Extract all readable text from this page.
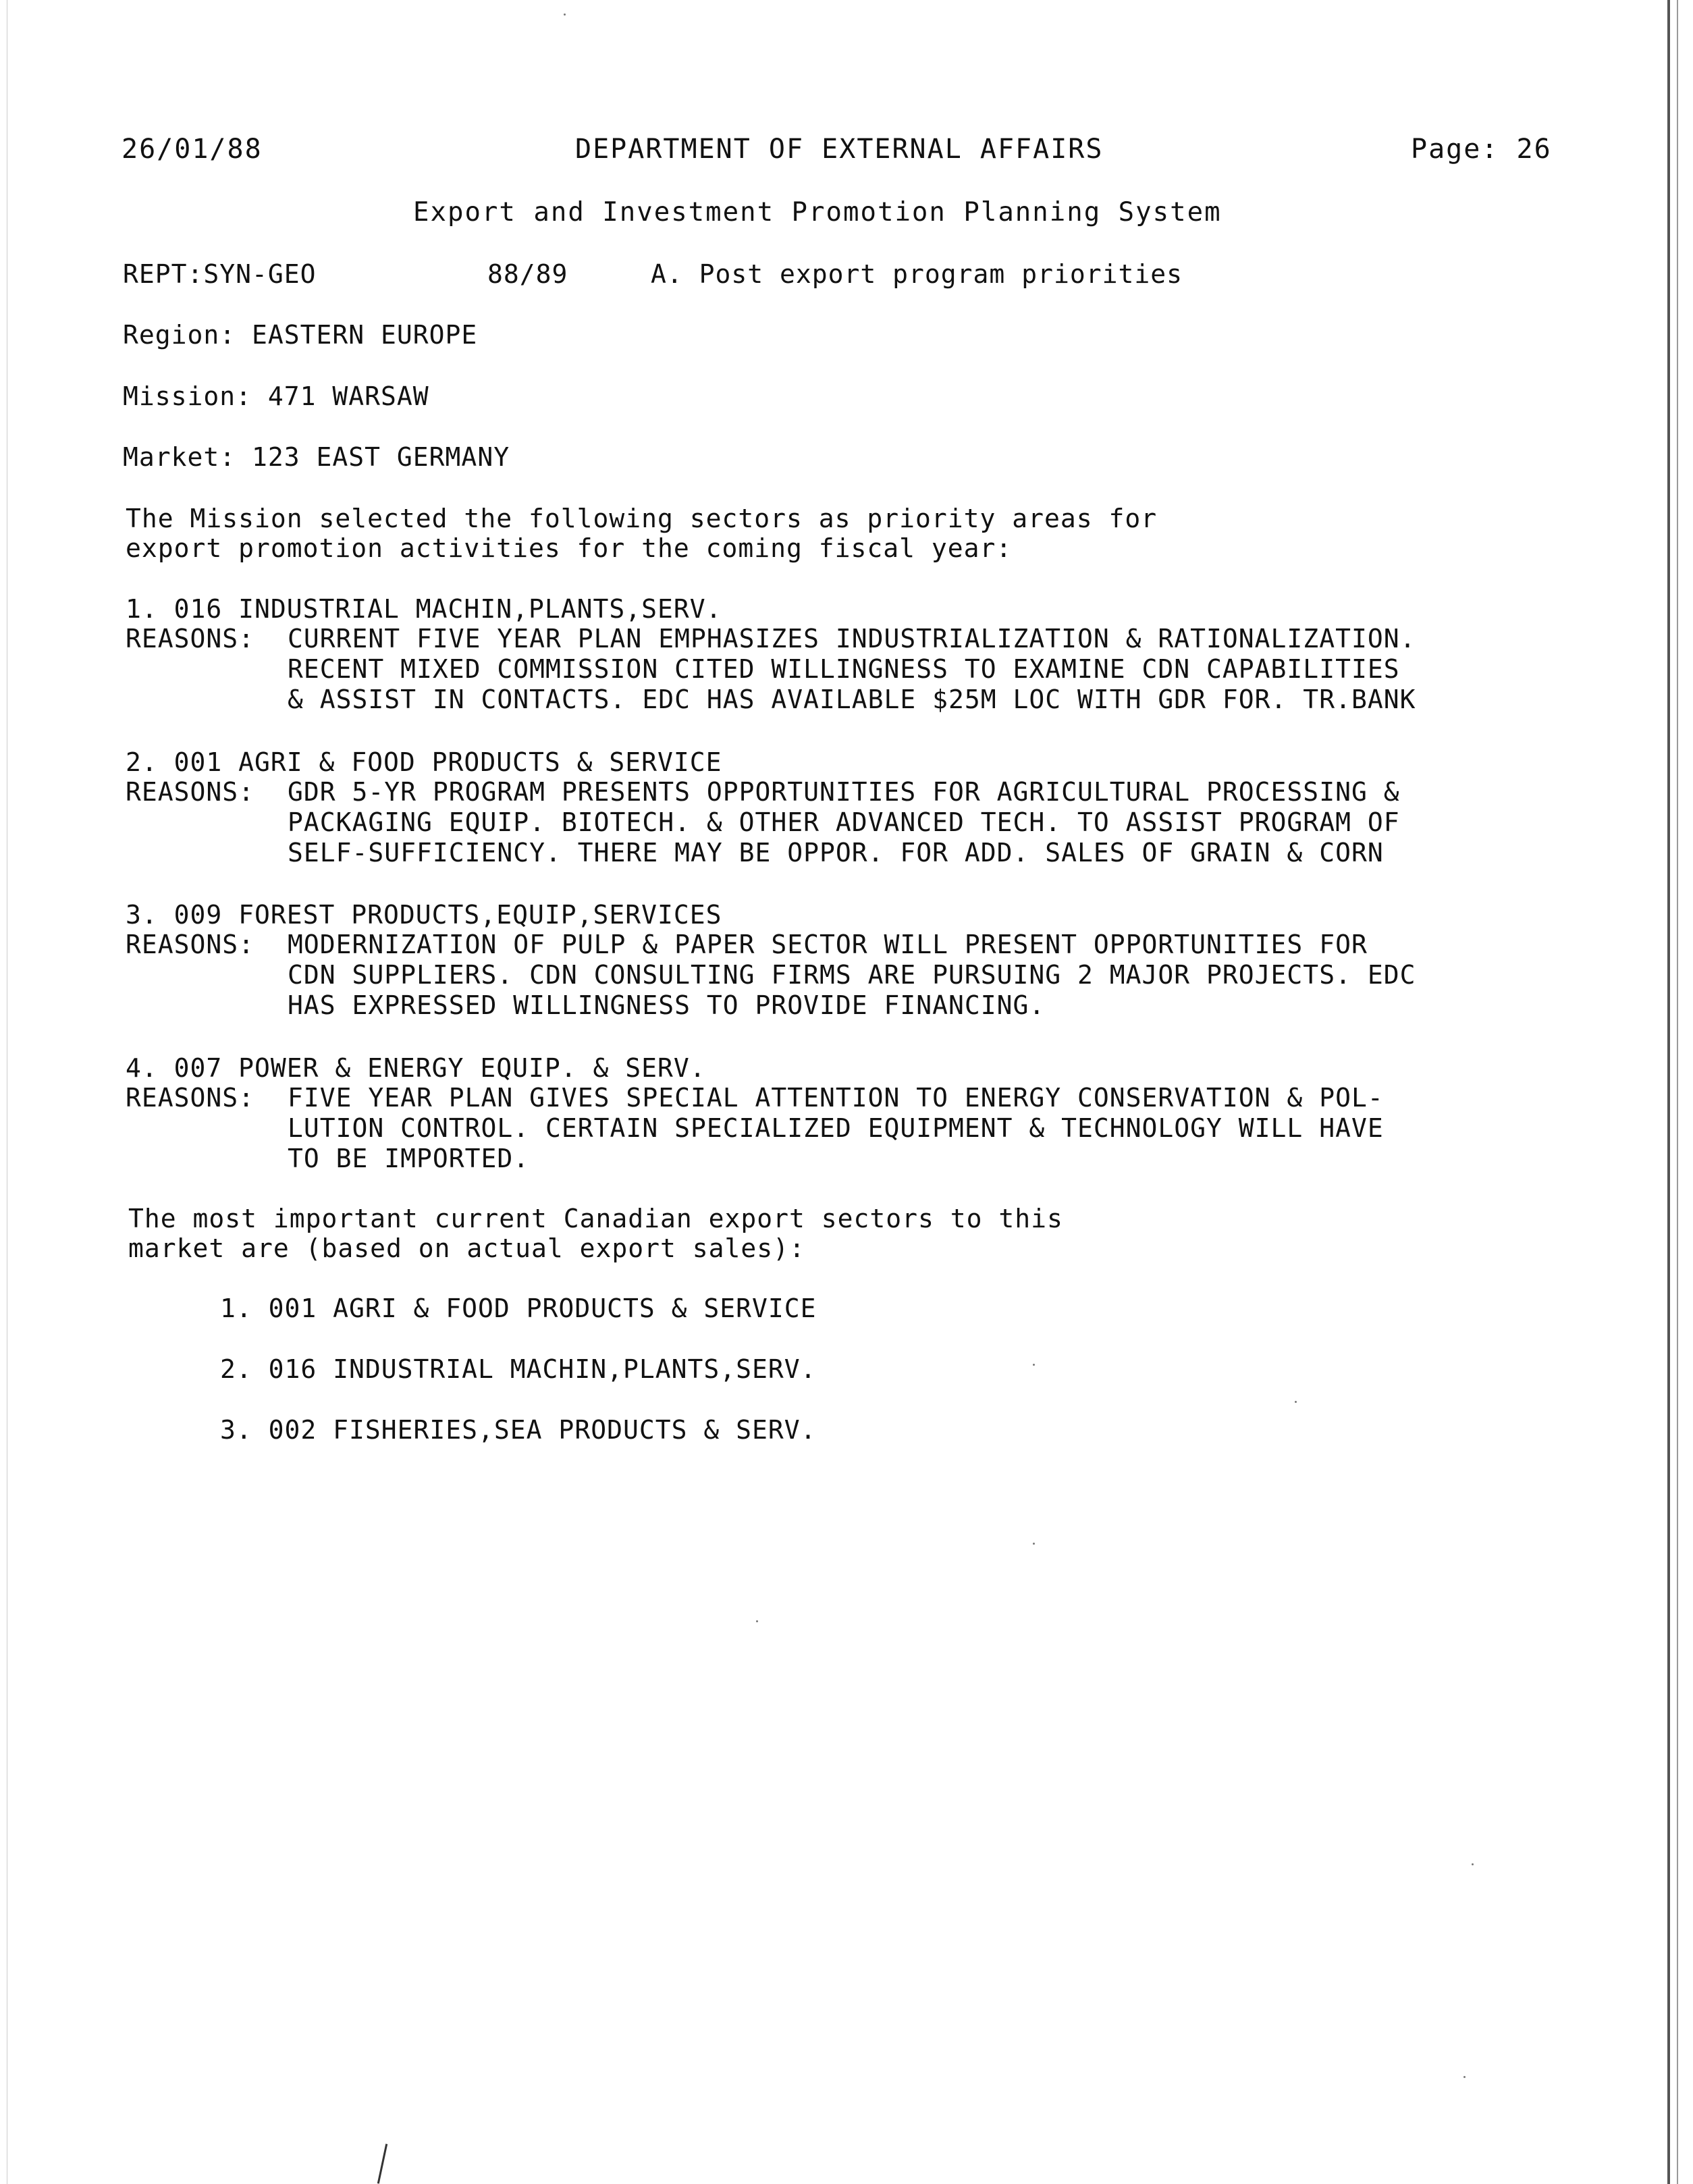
26/01/88	DEPARTMENT OF EXTERNAL AFFAIRS	Page: 26
Export and Investment Promotion Planning System
REPT:SYN-GEO	88/89	A. Post export program priorities
Region: EASTERN EUROPE
Mission: 471 WARSAW
Market: 123 EAST GERMANY
The Mission selected the following sectors as priority areas for
export promotion activities for the coming fiscal year:
1. 016 INDUSTRIAL MACHIN,PLANTS,SERV.
REASONS:	CURRENT FIVE YEAR PLAN EMPHASIZES INDUSTRIALIZATION & RATIONALIZATION.
RECENT MIXED COMMISSION CITED WILLINGNESS TO EXAMINE CDN CAPABILITIES
& ASSIST IN CONTACTS. EDC HAS AVAILABLE $25M LOC WITH GDR FOR. TR.BANK
2. 001 AGRI & FOOD PRODUCTS & SERVICE
REASONS:	GDR 5-YR PROGRAM PRESENTS OPPORTUNITIES FOR AGRICULTURAL PROCESSING &
PACKAGING EQUIP. BIOTECH. & OTHER ADVANCED TECH. TO ASSIST PROGRAM OF
SELF-SUFFICIENCY. THERE MAY BE OPPOR. FOR ADD. SALES OF GRAIN & CORN
3. 009 FOREST PRODUCTS,EQUIP,SERVICES
REASONS:	MODERNIZATION OF PULP & PAPER SECTOR WILL PRESENT OPPORTUNITIES FOR
CDN SUPPLIERS. CDN CONSULTING FIRMS ARE PURSUING 2 MAJOR PROJECTS. EDC
HAS EXPRESSED WILLINGNESS TO PROVIDE FINANCING.
4. 007 POWER & ENERGY EQUIP. & SERV.
REASONS:	FIVE YEAR PLAN GIVES SPECIAL ATTENTION TO ENERGY CONSERVATION & POL-
LUTION CONTROL. CERTAIN SPECIALIZED EQUIPMENT & TECHNOLOGY WILL HAVE
TO BE IMPORTED.
The most important current Canadian export sectors to this
market are (based on actual export sales):
1. 001 AGRI & FOOD PRODUCTS & SERVICE
2. 016 INDUSTRIAL MACHIN,PLANTS,SERV.
3. 002 FISHERIES,SEA PRODUCTS & SERV.
